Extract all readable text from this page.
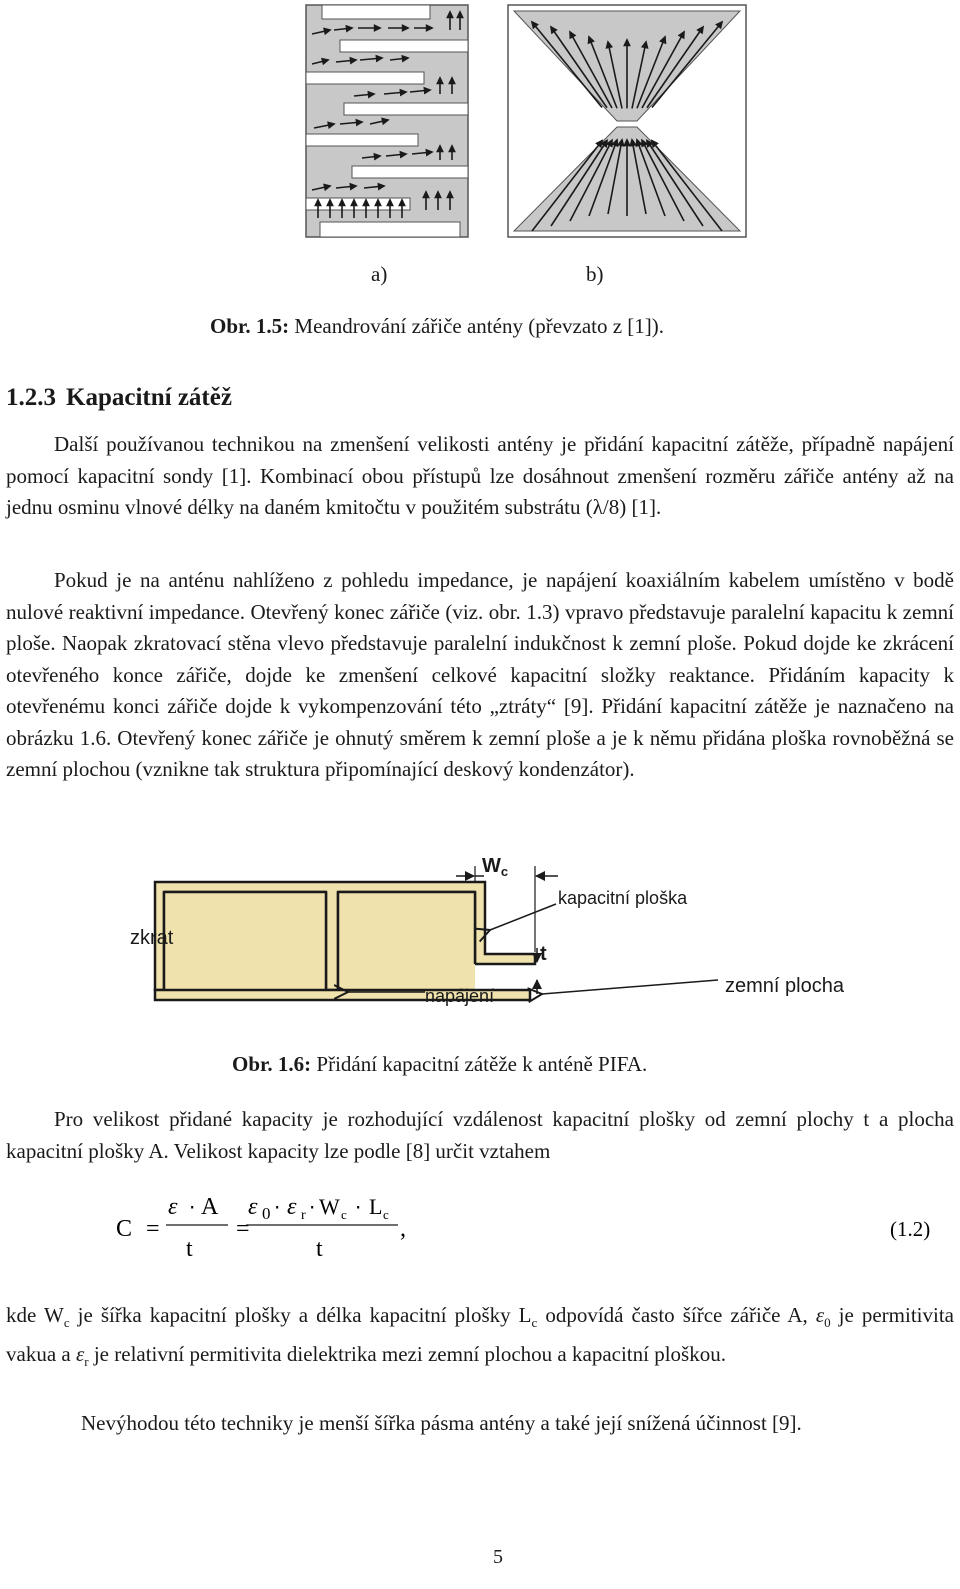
a)	b)
Obr. 1.5: Meandrování zářiče antény (převzato z [1]).
1.2.3 Kapacitní zátěž
Další používanou technikou na zmenšení velikosti antény je přidání kapacitní zátěže, případně napájení pomocí kapacitní sondy [1]. Kombinací obou přístupů lze dosáhnout zmenšení rozměru zářiče antény až na jednu osminu vlnové délky na daném kmitočtu v použitém substrátu (λ/8) [1].
Pokud je na anténu nahlíženo z pohledu impedance, je napájení koaxiálním kabelem umístěno v bodě nulové reaktivní impedance. Otevřený konec zářiče (viz. obr. 1.3) vpravo představuje paralelní kapacitu k zemní ploše. Naopak zkratovací stěna vlevo představuje paralelní indukčnost k zemní ploše. Pokud dojde ke zkrácení otevřeného konce zářiče, dojde ke zmenšení celkové kapacitní složky reaktance. Přidáním kapacity k otevřenému konci zářiče dojde k vykompenzování této „ztráty“ [9]. Přidání kapacitní zátěže je naznačeno na obrázku 1.6. Otevřený konec zářiče je ohnutý směrem k zemní ploše a je k němu přidána ploška rovnoběžná se zemní plochou (vznikne tak struktura připomínající deskový kondenzátor).
$W_c$
t
kapacitní ploška
zkrat
zemní plocha
napájení
Obr. 1.6: Přidání kapacitní zátěže k anténě PIFA.
Pro velikost přidané kapacity je rozhodující vzdálenost kapacitní plošky od zemní plochy t a plocha kapacitní plošky A. Velikost kapacity lze podle [8] určit vztahem
C =
ε ⋅ A
t
=
ε 0 ⋅ ε r ⋅ W c ⋅ L c
t
,	(1.2)
kde $W_c$ je šířka kapacitní plošky a délka kapacitní plošky $L_c$ odpovídá často šířce zářiče A, $\varepsilon_0$ je permitivita vakua a $\varepsilon_r$ je relativní permitivita dielektrika mezi zemní plochou a kapacitní ploškou.
Nevýhodou této techniky je menší šířka pásma antény a také její snížená účinnost [9].
5
